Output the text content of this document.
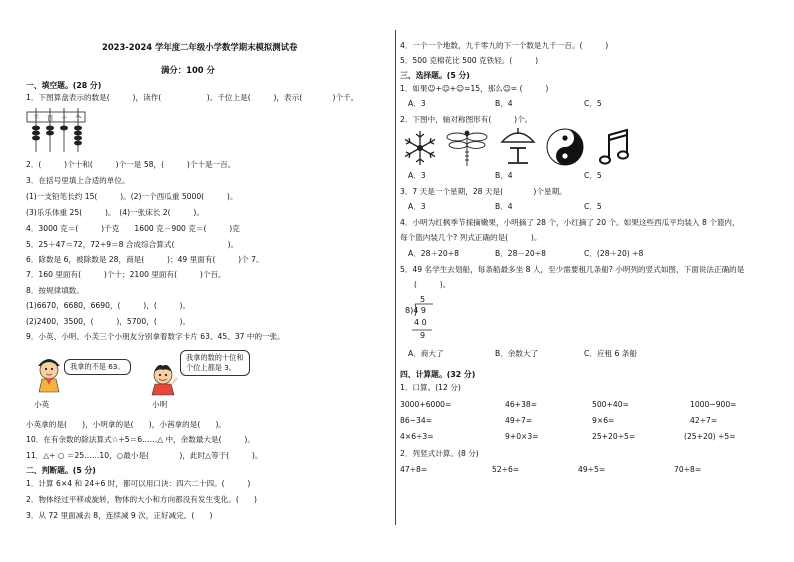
2023-2024 学年度二年级小学数学期末模拟测试卷
满分：100 分
一、填空题。(28 分)
1．下图算盘表示的数是(　　　)，读作(　　　　　　)。千位上是(　　　)，表示(　　　　)个千。
千 百 十 个
2．(　　　)个十和(　　　)个一是 58，(　　　)个十是一百。
3．在括号里填上合适的单位。
(1)一支铅笔长约 15(　　　)。(2)一个西瓜重 5000(　　　)。
(3)乐乐体重 25(　　　)。　(4)一张床长 2(　　　)。
4．3000 克＝(　　　)千克　　1600 克－900 克＝(　　　)克
5．25＋47＝72，72÷9＝8 合成综合算式(　　　　　　　)。
6．除数是 6，被除数是 28，商是(　　　)；49 里面有(　　　)个 7。
7．160 里面有(　　　)个十；2100 里面有(　　　)个百。
8．按规律填数。
(1)6670，6680，6690，(　　　)，(　　　)。
(2)2400，3500，(　　　)，5700，(　　　)。
9．小英、小明、小芙三个小朋友分别拿着数字卡片 63、45、37 中的一张。
我拿的不是 63。
我拿的数的十位和
个位上都是 3。
小英	小明
小英拿的是(　　)，小明拿的是(　　)，小茜拿的是(　　)。
10．在有余数的除法算式☆÷5＝6……△ 中，余数最大是(　　　)。
11．△÷ ○ ＝25……10，○最小是(　　　　)，此时△等于(　　　)。
二、判断题。(5 分)
1．计算 6×4 和 24÷6 时，都可以用口诀：四六二十四。(　　　)
2．物体经过平移或旋转，物体的大小和方向都没有发生变化。(　　)
3．从 72 里面减去 8，连续减 9 次，正好减完。(　　)
4．一个一个地数，九千零九的下一个数是九千一百。(　　　)
5．500 克棉花比 500 克铁轻。(　　　)
三、选择题。(5 分)
1．如果☺+☺+☺=15，那么☺= (　　　)
A．3	B．4	C．5
2．下图中，轴对称图形有(　　　)个。
A．3	B．4	C．5
3．7 天是一个星期，28 天是(　　　　)个星期。
A．3	B．4	C．5
4．小明为红枫季节採摘嫩果，小明摘了 28 个，小红摘了 20 个。如果这些西瓜平均装入 8 个篮内，
每个篮内装几个? 列式正确的是(　　　)。
A．28＋20÷8	B．28－20÷8	C．(28＋20) ÷8
5．49 名学生去划船，每条船最多坐 8 人，至少需要租几条船? 小明列的竖式如图，下面说法正确的是
(　　　)。
5
8)4 9
4 0
9
A．商大了	B．余数大了	C．应租 6 条船
四、计算题。(32 分)
1．口算。(12 分)
3000+6000=	46+38=	500+40=	1000−900=
86−34=	49÷7=	9×6=	42÷7=
4×6÷3=	9+0×3=	25+20÷5=	(25+20) ÷5=
2．列竖式计算。(8 分)
47÷8=	52÷6=	49÷5=	70÷8=
